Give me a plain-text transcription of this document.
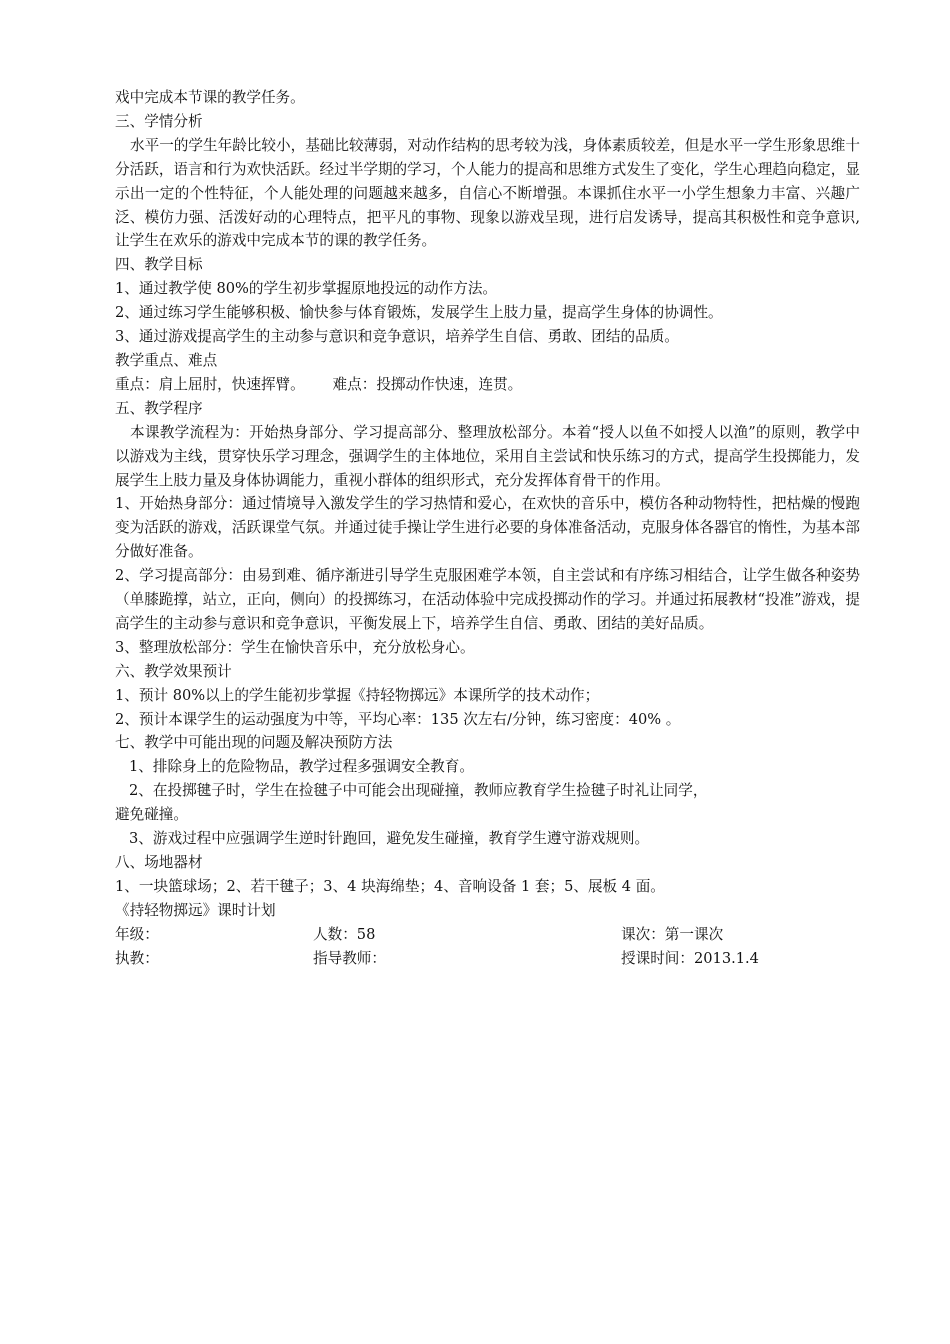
戏中完成本节课的教学任务。

三、学情分析

水平一的学生年龄比较小，基础比较薄弱，对动作结构的思考较为浅，身体素质较差，但是水平一学生形象思维十分活跃，语言和行为欢快活跃。经过半学期的学习，个人能力的提高和思维方式发生了变化，学生心理趋向稳定，显示出一定的个性特征，个人能处理的问题越来越多，自信心不断增强。本课抓住水平一小学生想象力丰富、兴趣广泛、模仿力强、活泼好动的心理特点，把平凡的事物、现象以游戏呈现，进行启发诱导，提高其积极性和竞争意识,让学生在欢乐的游戏中完成本节的课的教学任务。

四、教学目标

1、通过教学使 80%的学生初步掌握原地投远的动作方法。

2、通过练习学生能够积极、愉快参与体育锻炼，发展学生上肢力量，提高学生身体的协调性。

3、通过游戏提高学生的主动参与意识和竞争意识，培养学生自信、勇敢、团结的品质。

教学重点、难点

重点：肩上屈肘，快速挥臂。      难点：投掷动作快速，连贯。

五、教学程序

本课教学流程为：开始热身部分、学习提高部分、整理放松部分。本着“授人以鱼不如授人以渔”的原则，教学中以游戏为主线，贯穿快乐学习理念，强调学生的主体地位，采用自主尝试和快乐练习的方式，提高学生投掷能力，发展学生上肢力量及身体协调能力，重视小群体的组织形式，充分发挥体育骨干的作用。

1、开始热身部分：通过情境导入激发学生的学习热情和爱心，在欢快的音乐中，模仿各种动物特性，把枯燥的慢跑变为活跃的游戏，活跃课堂气氛。并通过徒手操让学生进行必要的身体准备活动，克服身体各器官的惰性，为基本部分做好准备。

2、学习提高部分：由易到难、循序渐进引导学生克服困难学本领，自主尝试和有序练习相结合，让学生做各种姿势（单膝跪撑，站立，正向，侧向）的投掷练习，在活动体验中完成投掷动作的学习。并通过拓展教材“投准”游戏，提高学生的主动参与意识和竞争意识，平衡发展上下，培养学生自信、勇敢、团结的美好品质。

3、整理放松部分：学生在愉快音乐中，充分放松身心。

六、教学效果预计

1、预计 80%以上的学生能初步掌握《持轻物掷远》本课所学的技术动作；

2、预计本课学生的运动强度为中等，平均心率：135 次左右/分钟，练习密度：40% 。

七、教学中可能出现的问题及解决预防方法

1、排除身上的危险物品，教学过程多强调安全教育。

2、在投掷毽子时，学生在捡毽子中可能会出现碰撞，教师应教育学生捡毽子时礼让同学，

避免碰撞。

3、游戏过程中应强调学生逆时针跑回，避免发生碰撞，教育学生遵守游戏规则。

八、场地器材

1、一块篮球场；2、若干毽子；3、4 块海绵垫；4、音响设备 1 套；5、展板 4 面。

《持轻物掷远》课时计划

年级：	人数：58	课次：第一课次
执教：	指导教师：	授课时间：2013.1.4
